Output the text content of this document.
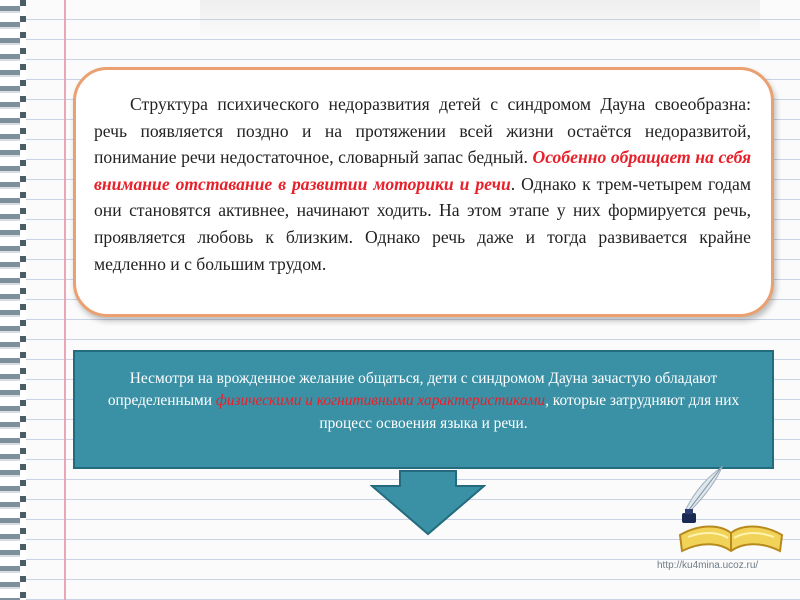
Структура психического недоразвития детей с синдромом Дауна своеобразна: речь появляется поздно и на протяжении всей жизни остаётся недоразвитой, понимание речи недостаточное, словарный запас бедный. Особенно обращает на себя внимание отставание в развитии моторики и речи. Однако к трем-четырем годам они становятся активнее, начинают ходить. На этом этапе у них формируется речь, проявляется любовь к близким. Однако речь даже и тогда развивается крайне медленно и с большим трудом.

Несмотря на врожденное желание общаться, дети с синдромом Дауна зачастую обладают определенными физическими и когнитивными характеристиками, которые затрудняют для них процесс освоения языка и речи.

http://ku4mina.ucoz.ru/
